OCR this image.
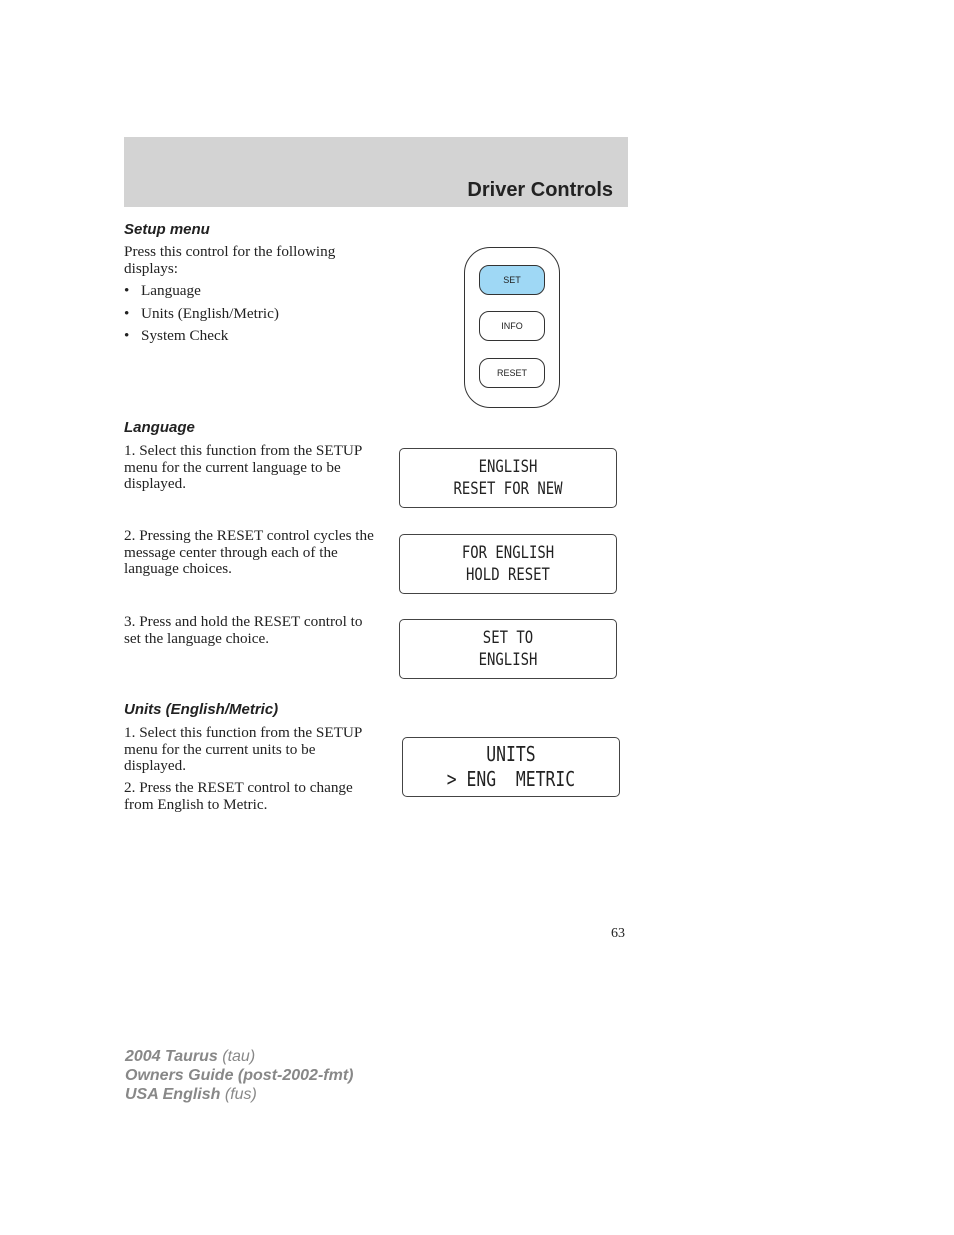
Driver Controls
Setup menu
Press this control for the following displays:
• Language
• Units (English/Metric)
• System Check
SET
INFO
RESET
Language
1. Select this function from the SETUP menu for the current language to be displayed.
2. Pressing the RESET control cycles the message center through each of the language choices.
3. Press and hold the RESET control to set the language choice.
ENGLISH
RESET FOR NEW
FOR ENGLISH
HOLD RESET
SET TO
ENGLISH
Units (English/Metric)
1. Select this function from the SETUP menu for the current units to be displayed.
2. Press the RESET control to change from English to Metric.
UNITS
> ENG  METRIC
63
2004 Taurus (tau)
Owners Guide (post-2002-fmt)
USA English (fus)
